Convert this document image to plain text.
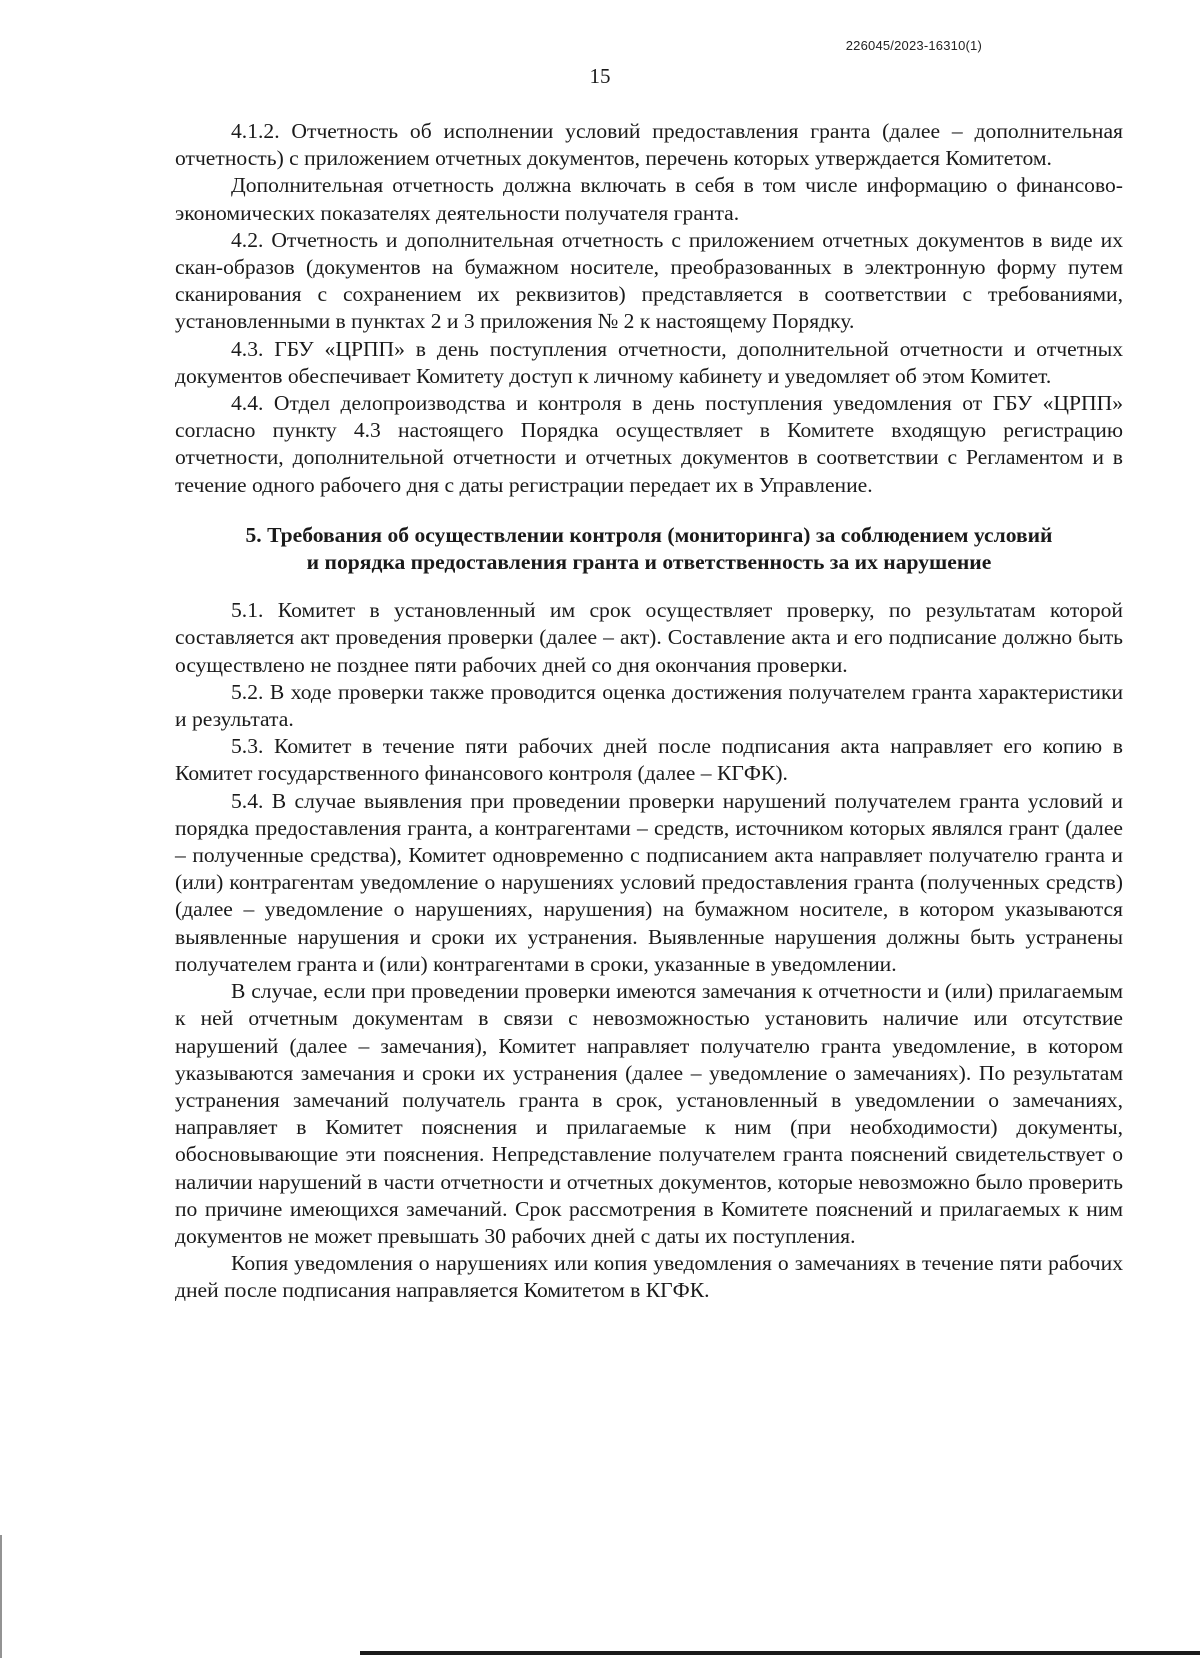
226045/2023-16310(1)
15

4.1.2. Отчетность об исполнении условий предоставления гранта (далее – дополнительная отчетность) с приложением отчетных документов, перечень которых утверждается Комитетом.

Дополнительная отчетность должна включать в себя в том числе информацию о финансово-экономических показателях деятельности получателя гранта.

4.2. Отчетность и дополнительная отчетность с приложением отчетных документов в виде их скан-образов (документов на бумажном носителе, преобразованных в электронную форму путем сканирования с сохранением их реквизитов) представляется в соответствии с требованиями, установленными в пунктах 2 и 3 приложения № 2 к настоящему Порядку.

4.3. ГБУ «ЦРПП» в день поступления отчетности, дополнительной отчетности и отчетных документов обеспечивает Комитету доступ к личному кабинету и уведомляет об этом Комитет.

4.4. Отдел делопроизводства и контроля в день поступления уведомления от ГБУ «ЦРПП» согласно пункту 4.3 настоящего Порядка осуществляет в Комитете входящую регистрацию отчетности, дополнительной отчетности и отчетных документов в соответствии с Регламентом и в течение одного рабочего дня с даты регистрации передает их в Управление.

5. Требования об осуществлении контроля (мониторинга) за соблюдением условий
и порядка предоставления гранта и ответственность за их нарушение

5.1. Комитет в установленный им срок осуществляет проверку, по результатам которой составляется акт проведения проверки (далее – акт). Составление акта и его подписание должно быть осуществлено не позднее пяти рабочих дней со дня окончания проверки.

5.2. В ходе проверки также проводится оценка достижения получателем гранта характеристики и результата.

5.3. Комитет в течение пяти рабочих дней после подписания акта направляет его копию в Комитет государственного финансового контроля (далее – КГФК).

5.4. В случае выявления при проведении проверки нарушений получателем гранта условий и порядка предоставления гранта, а контрагентами – средств, источником которых являлся грант (далее – полученные средства), Комитет одновременно с подписанием акта направляет получателю гранта и (или) контрагентам уведомление о нарушениях условий предоставления гранта (полученных средств) (далее – уведомление о нарушениях, нарушения) на бумажном носителе, в котором указываются выявленные нарушения и сроки их устранения. Выявленные нарушения должны быть устранены получателем гранта и (или) контрагентами в сроки, указанные в уведомлении.

В случае, если при проведении проверки имеются замечания к отчетности и (или) прилагаемым к ней отчетным документам в связи с невозможностью установить наличие или отсутствие нарушений (далее – замечания), Комитет направляет получателю гранта уведомление, в котором указываются замечания и сроки их устранения (далее – уведомление о замечаниях). По результатам устранения замечаний получатель гранта в срок, установленный в уведомлении о замечаниях, направляет в Комитет пояснения и прилагаемые к ним (при необходимости) документы, обосновывающие эти пояснения. Непредставление получателем гранта пояснений свидетельствует о наличии нарушений в части отчетности и отчетных документов, которые невозможно было проверить по причине имеющихся замечаний. Срок рассмотрения в Комитете пояснений и прилагаемых к ним документов не может превышать 30 рабочих дней с даты их поступления.

Копия уведомления о нарушениях или копия уведомления о замечаниях в течение пяти рабочих дней после подписания направляется Комитетом в КГФК.
